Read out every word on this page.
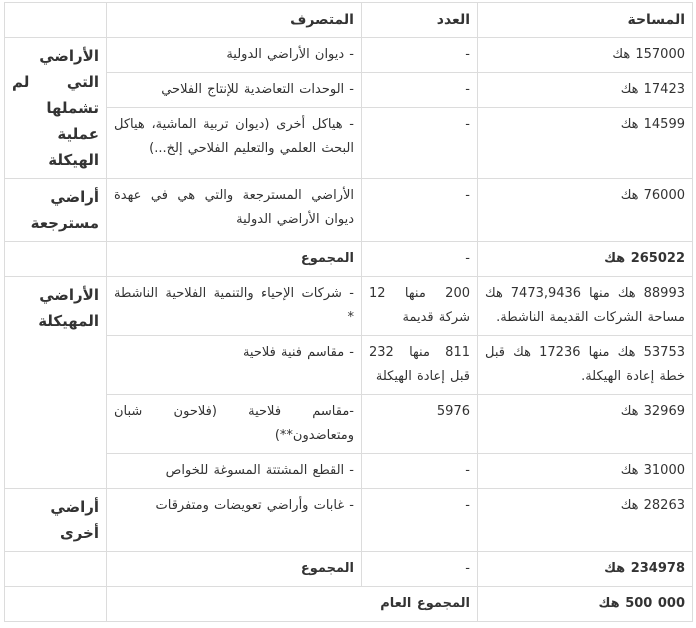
المساحة	العدد	المتصرف	
157000 هك	-	- ديوان الأراضي الدولية	الأراضي التي لم تشملها عملية الهيكلة
17423 هك	-	- الوحدات التعاضدية للإنتاج الفلاحي	
14599 هك	-	- هياكل أخرى (ديوان تربية الماشية، هياكل البحث العلمي والتعليم الفلاحي إلخ...)	
76000 هك	-	الأراضي المسترجعة والتي هي في عهدة ديوان الأراضي الدولية	أراضي مسترجعة
265022 هك	-	المجموع	
88993 هك منها 7473,9436 هك مساحة الشركات القديمة الناشطة.	200 منها 12 شركة قديمة	- شركات الإحياء والتنمية الفلاحية الناشطة *	الأراضي المهيكلة
53753 هك منها 17236 هك قبل خطة إعادة الهيكلة.	811 منها 232 قبل إعادة الهيكلة	- مقاسم فنية فلاحية	
32969 هك	5976	-مقاسم فلاحية (فلاحون شبان ومتعاضدون**)	
31000 هك	-	- القطع المشتتة المسوغة للخواص	
28263 هك	-	- غابات وأراضي تعويضات ومتفرقات	أراضي أخرى
234978 هك	-	المجموع	
000 500 هك	المجموع العام		
